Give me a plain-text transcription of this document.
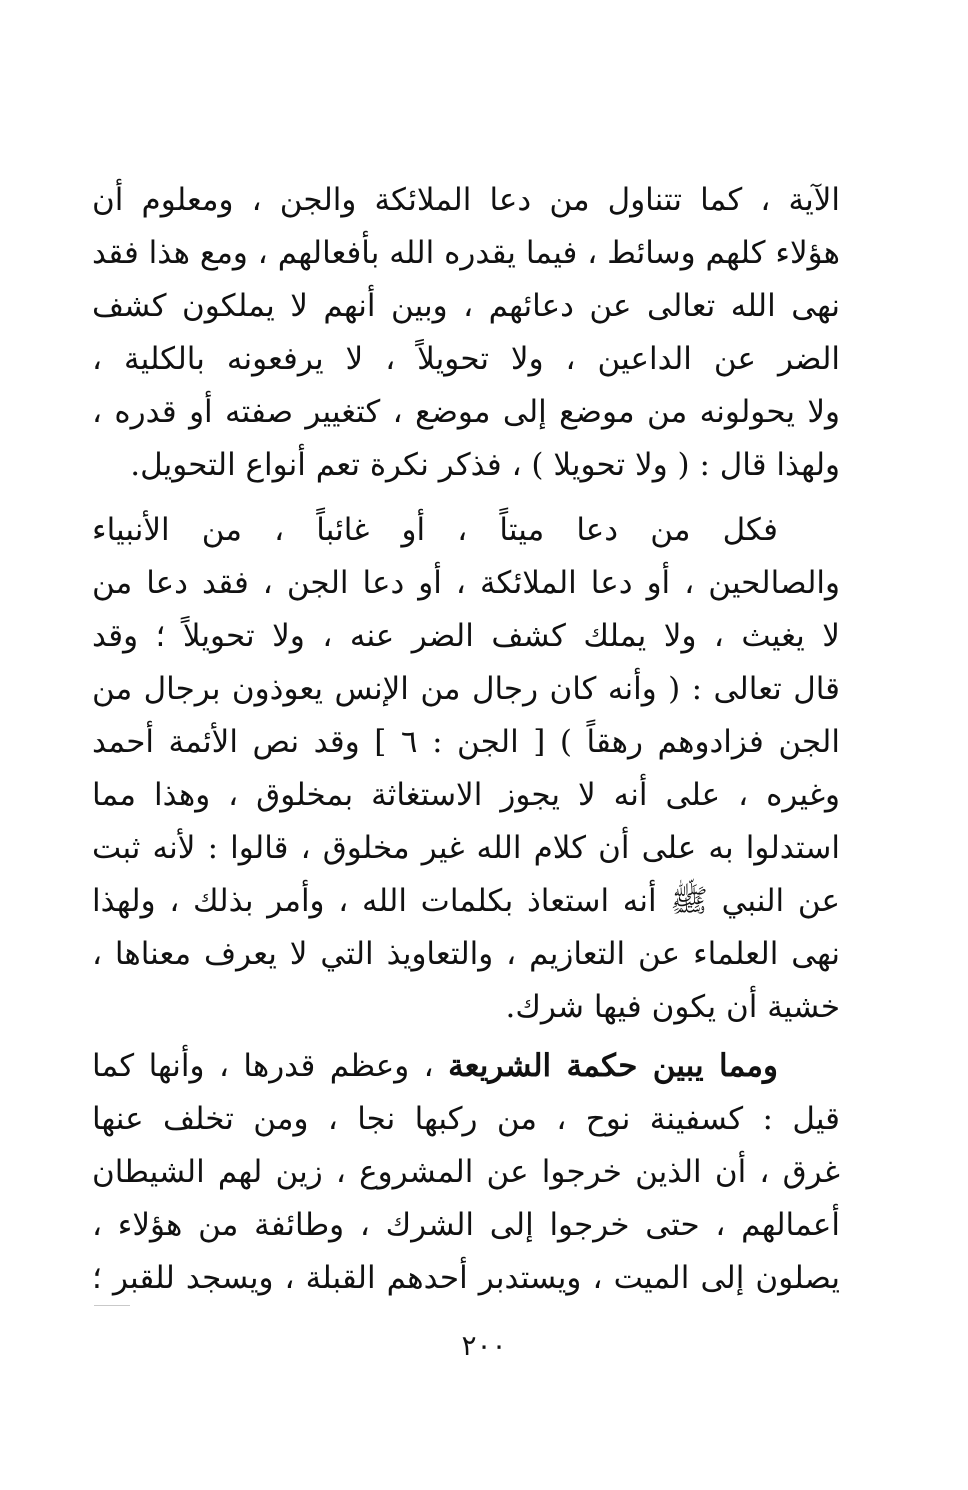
الآية ، كما تتناول من دعا الملائكة والجن ، ومعلوم أن
هؤلاء كلهم وسائط ، فيما يقدره الله بأفعالهم ، ومع هذا فقد
نهى الله تعالى عن دعائهم ، وبين أنهم لا يملكون كشف
الضر عن الداعين ، ولا تحويلاً ، لا يرفعونه بالكلية ،
ولا يحولونه من موضع إلى موضع ، كتغيير صفته أو قدره ،
ولهذا قال : ( ولا تحويلا ) ، فذكر نكرة تعم أنواع التحويل.
فكل من دعا ميتاً ، أو غائباً ، من الأنبياء
والصالحين ، أو دعا الملائكة ، أو دعا الجن ، فقد دعا من
لا يغيث ، ولا يملك كشف الضر عنه ، ولا تحويلاً ؛ وقد
قال تعالى : ( وأنه كان رجال من الإنس يعوذون برجال من
الجن فزادوهم رهقاً ) [ الجن : ٦ ] وقد نص الأئمة أحمد
وغيره ، على أنه لا يجوز الاستغاثة بمخلوق ، وهذا مما
استدلوا به على أن كلام الله غير مخلوق ، قالوا : لأنه ثبت
عن النبي ﷺ أنه استعاذ بكلمات الله ، وأمر بذلك ، ولهذا
نهى العلماء عن التعازيم ، والتعاويذ التي لا يعرف معناها ،
خشية أن يكون فيها شرك.
ومما يبين حكمة الشريعة ، وعظم قدرها ، وأنها كما
قيل : كسفينة نوح ، من ركبها نجا ، ومن تخلف عنها
غرق ، أن الذين خرجوا عن المشروع ، زين لهم الشيطان
أعمالهم ، حتى خرجوا إلى الشرك ، وطائفة من هؤلاء ،
يصلون إلى الميت ، ويستدبر أحدهم القبلة ، ويسجد للقبر ؛
٢٠٠
